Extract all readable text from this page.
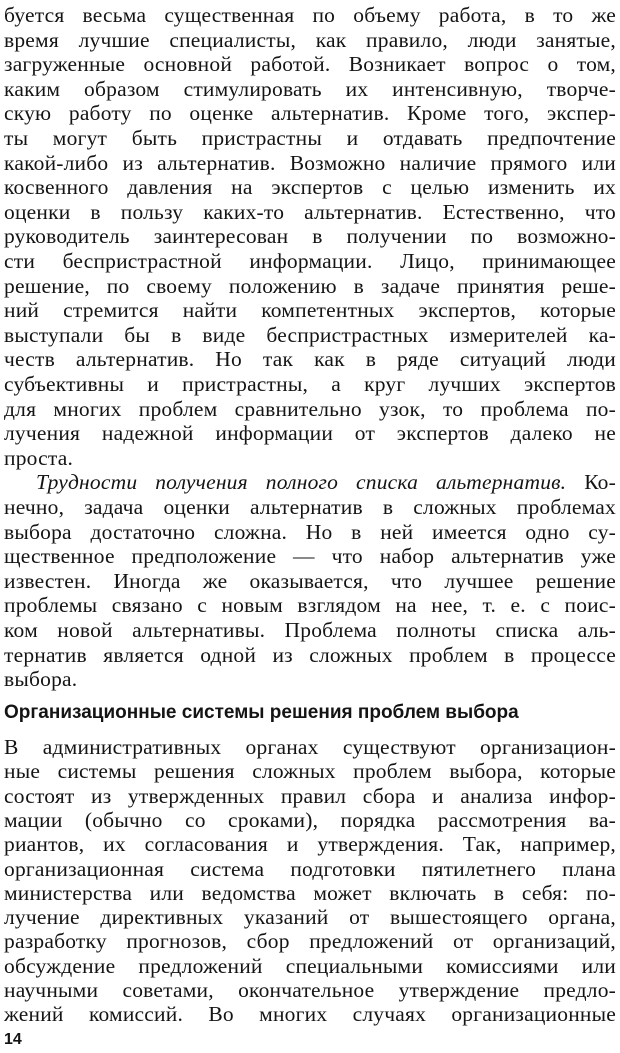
буется весьма существенная по объему работа, в то же
время лучшие специалисты, как правило, люди занятые,
загруженные основной работой. Возникает вопрос о том,
каким образом стимулировать их интенсивную, творче-
скую работу по оценке альтернатив. Кроме того, экспер-
ты могут быть пристрастны и отдавать предпочтение
какой-либо из альтернатив. Возможно наличие прямого или
косвенного давления на экспертов с целью изменить их
оценки в пользу каких-то альтернатив. Естественно, что
руководитель заинтересован в получении по возможно-
сти беспристрастной информации. Лицо, принимающее
решение, по своему положению в задаче принятия реше-
ний стремится найти компетентных экспертов, которые
выступали бы в виде беспристрастных измерителей ка-
честв альтернатив. Но так как в ряде ситуаций люди
субъективны и пристрастны, а круг лучших экспертов
для многих проблем сравнительно узок, то проблема по-
лучения надежной информации от экспертов далеко не
проста.
Трудности получения полного списка альтернатив. Ко-
нечно, задача оценки альтернатив в сложных проблемах
выбора достаточно сложна. Но в ней имеется одно су-
щественное предположение — что набор альтернатив уже
известен. Иногда же оказывается, что лучшее решение
проблемы связано с новым взглядом на нее, т. е. с поис-
ком новой альтернативы. Проблема полноты списка аль-
тернатив является одной из сложных проблем в процессе
выбора.
Организационные системы решения проблем выбора
В административных органах существуют организацион-
ные системы решения сложных проблем выбора, которые
состоят из утвержденных правил сбора и анализа инфор-
мации (обычно со сроками), порядка рассмотрения ва-
риантов, их согласования и утверждения. Так, например,
организационная система подготовки пятилетнего плана
министерства или ведомства может включать в себя: по-
лучение директивных указаний от вышестоящего органа,
разработку прогнозов, сбор предложений от организаций,
обсуждение предложений специальными комиссиями или
научными советами, окончательное утверждение предло-
жений комиссий. Во многих случаях организационные
14
